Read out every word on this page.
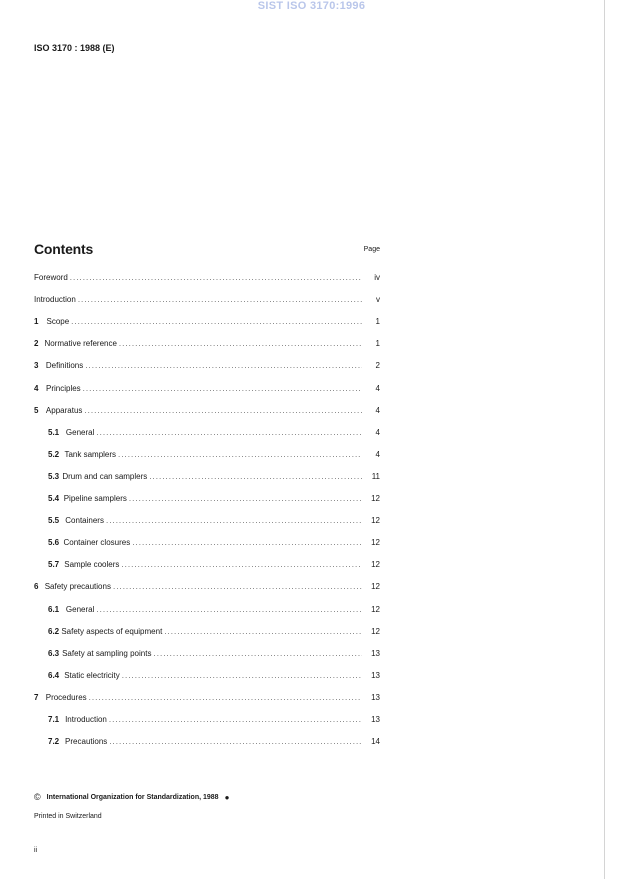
SIST ISO 3170:1996
ISO 3170 : 1988 (E)
Contents	Page
Foreword . . .	iv
Introduction . . .	v
1	Scope . . .	1
2 Normative reference . . .	1
3 Definitions . . .	2
4 Principles . . .	4
5 Apparatus . . .	4
5.1 General . . .	4
5.2 Tank samplers . . .	4
5.3 Drum and can samplers . . .	11
5.4 Pipeline samplers . . .	12
5.5 Containers . . .	12
5.6 Container closures . . .	12
5.7 Sample coolers . . .	12
6 Safety precautions . . .	12
6.1 General . . .	12
6.2 Safety aspects of equipment . . .	12
6.3 Safety at sampling points . . .	13
6.4 Static electricity . . .	13
7 Procedures . . .	13
7.1 Introduction . . .	13
7.2 Precautions . . .	14
© International Organization for Standardization, 1988 ●
Printed in Switzerland
ii
